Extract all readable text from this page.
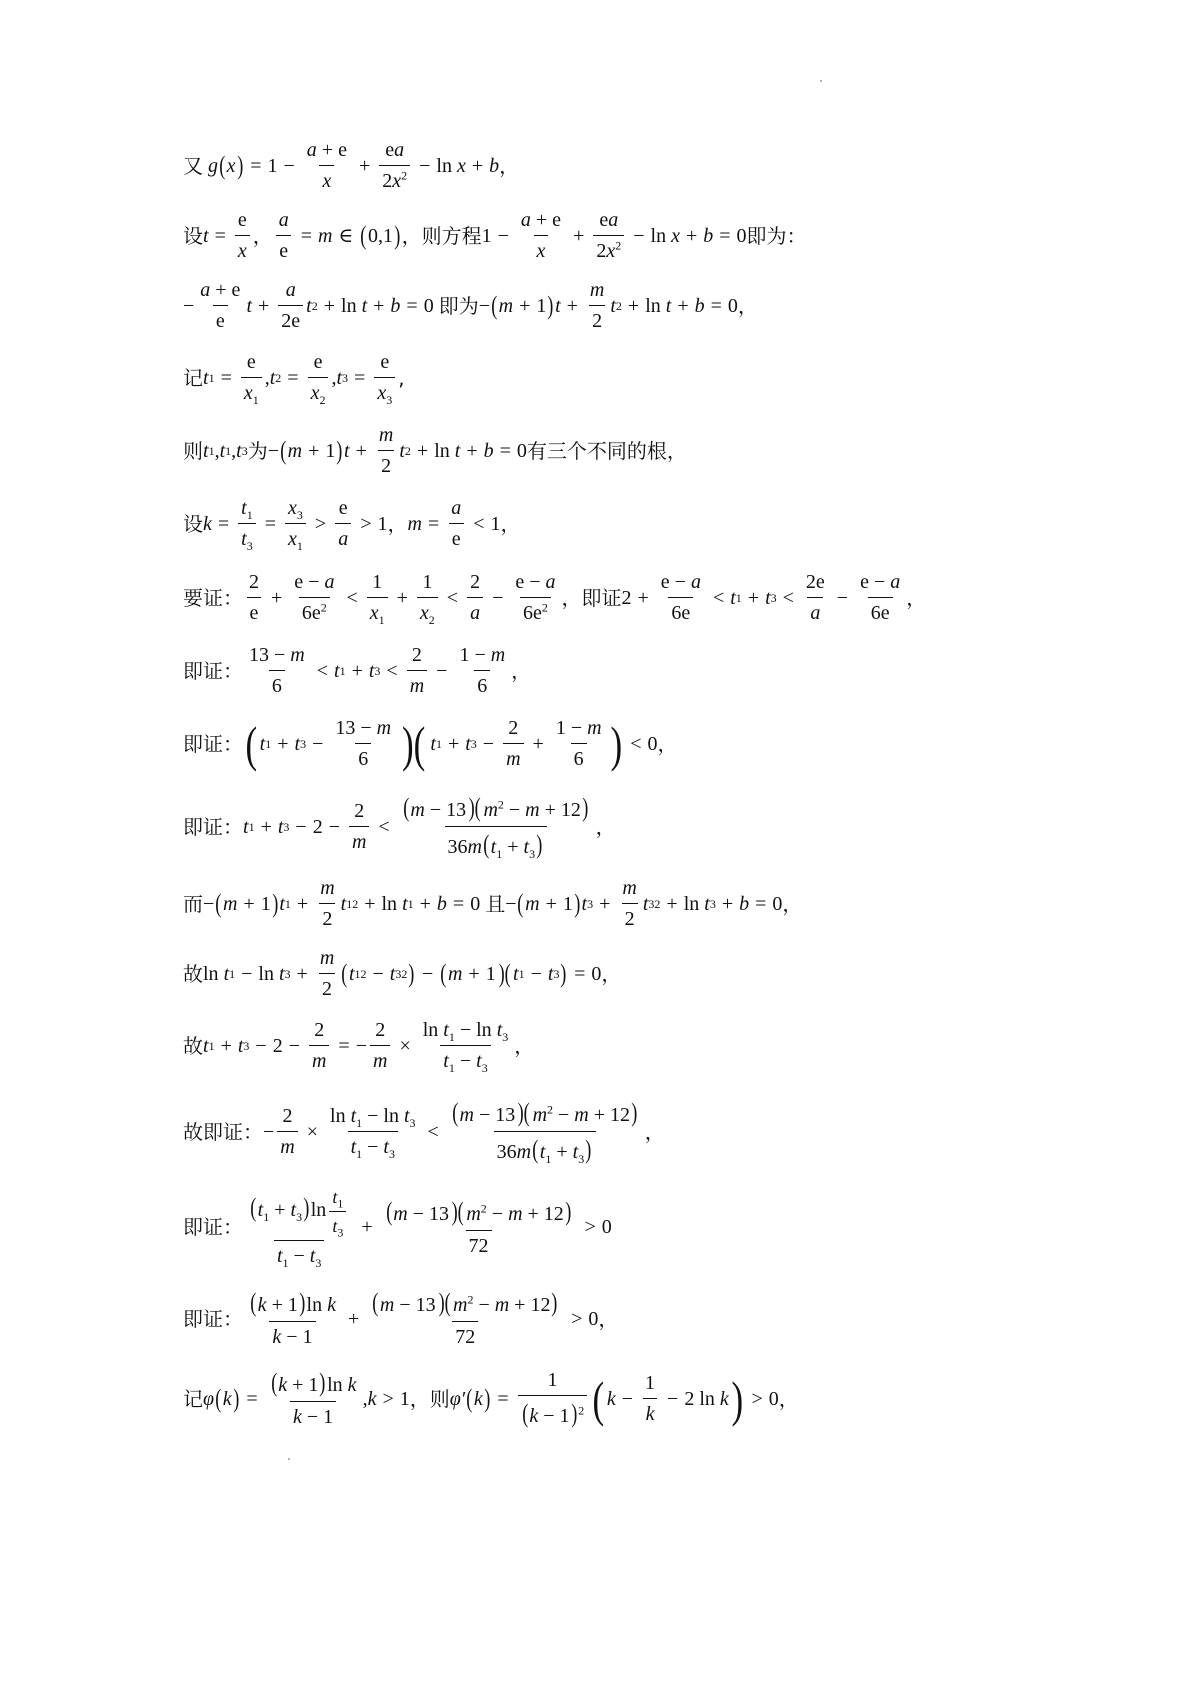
又 g ( x ) = $1 - \frac{a + e}{x} + \frac{ea}{2x^2} - \ln x + b$ ，
设 $t = \frac{e}{x}$ ， $\frac{a}{e} = m$ ∈ ( 0,1 ) ， 则方程 $1 - \frac{a + e}{x} + \frac{ea}{2x^2} - \ln x + b = 0$ 即为：
− $\frac{a + e}{e}$ $t + \frac{a}{2e}$ t 2 + ln t + b = 0 即为 − ( m + 1 ) $t + \frac{m}{2}$ t 2 + ln t + b = 0 ，
记 t $1 = \frac{e}{x_1}$ , t $2 = \frac{e}{x_2}$ , t $3 = \frac{e}{x_3}$ ,
则 t 1 , t 1 , t 3 为 − ( m + 1 ) $t + \frac{m}{2}$ t 2 + ln t + b = 0 有三个不同的根，
设 $k = \frac{t_1}{t_3} = \frac{x_3}{x_1} > \frac{e}{a} > 1$ ， $m = \frac{a}{e} < 1$ ，
要证： $\frac{2}{e} + \frac{e - a}{6e^2} < \frac{1}{x_1} + \frac{1}{x_2} < \frac{2}{a} - \frac{e - a}{6e^2}$ ，即证 $2 + \frac{e - a}{6e} < t$ 1 + t $3 < \frac{2e}{a} - \frac{e - a}{6e}$ ，
即证： $\frac{13 - m}{6} < t$ 1 + t $3 < \frac{2}{m} - \frac{1 - m}{6}$ ，
即证： ( t 1 + t $3 - \frac{13 - m}{6}$ )( t 1 + t $3 - \frac{2}{m} + \frac{1 - m}{6}$ ) < 0 ，
即证： t 1 + t $3 - 2 - \frac{2}{m} < \frac{(m - 13)( m^2 - m + 12)}{36m(t_1 + t_3)}$ ，
而 − ( m + 1 ) t $1 + \frac{m}{2}$ t 1 2 + ln t 1 + b = 0 且 − ( m + 1 ) t $3 + \frac{m}{2}$ t 3 2 + ln t 3 + b = 0 ，
故 ln t 1 − ln t $3 + \frac{m}{2}$ ( t 1 2 − t 3 2 ) − ( m + 1 )( t 1 − t 3 ) = 0 ，
故 t 1 + t $3 - 2 - \frac{2}{m}$ = − $\frac{2}{m} \times \frac{\ln t_1 - \ln t_3}{t_1 - t_3}$ ，
故即证： − $\frac{2}{m} \times \frac{\ln t_1 - \ln t_3}{t_1 - t_3} < \frac{(m - 13)( m^2 - m + 12)}{36m(t_1 + t_3)}$ ，
即证： $\frac{(t_1 + t_3)\ln \frac{t_1}{t_3}}{t_1 - t_3} + \frac{(m - 13)( m^2 - m + 12)}{72} > 0$
即证： $\frac{\text{(k + 1)ln k}}{k - 1} + \frac{(m - 13)( m^2 - m + 12)}{72} > 0$ ，
记 φ ( k ) = $\frac{\text{(k + 1)ln k}}{k - 1}$ , k > 1 ，则 φ′ ( k ) = $\frac{1}{(k - 1)^2}$ ( $k - \frac{1}{k} - 2$ ln k ) > 0 ，
